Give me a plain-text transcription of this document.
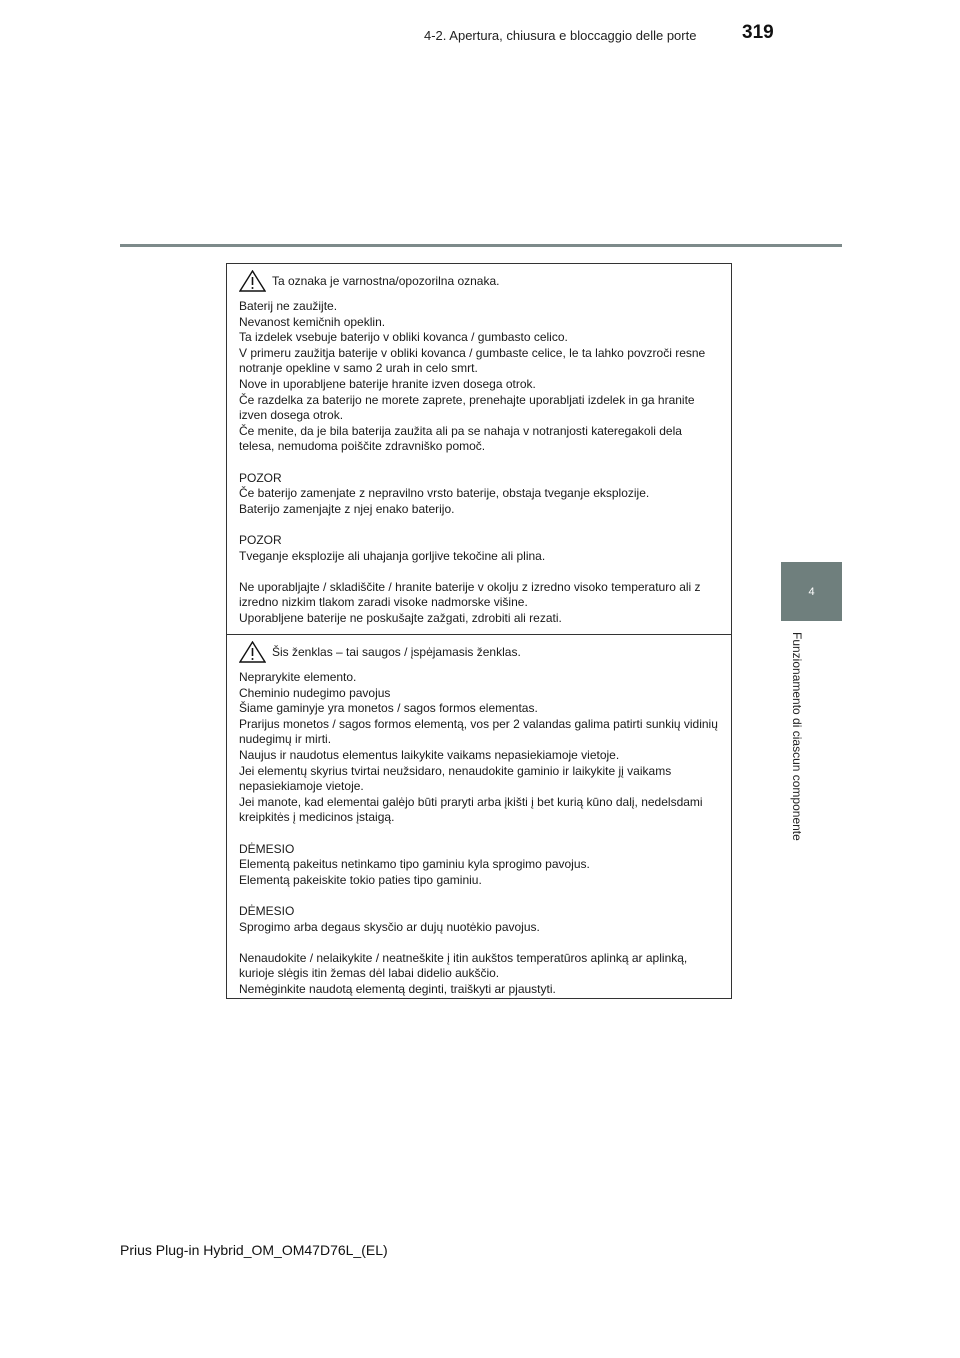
4-2. Apertura, chiusura e bloccaggio delle porte	319
4
Funzionamento di ciascun componente
Ta oznaka je varnostna/opozorilna oznaka.

Baterij ne zaužijte.
Nevanost kemičnih opeklin.
Ta izdelek vsebuje baterijo v obliki kovanca / gumbasto celico.
V primeru zaužitja baterije v obliki kovanca / gumbaste celice, le ta lahko povzroči resne notranje opekline v samo 2 urah in celo smrt.
Nove in uporabljene baterije hranite izven dosega otrok.
Če razdelka za baterijo ne morete zaprete, prenehajte uporabljati izdelek in ga hranite izven dosega otrok.
Če menite, da je bila baterija zaužita ali pa se nahaja v notranjosti kateregakoli dela telesa, nemudoma poiščite zdravniško pomoč.

POZOR
Če baterijo zamenjate z nepravilno vrsto baterije, obstaja tveganje eksplozije.
Baterijo zamenjajte z njej enako baterijo.

POZOR
Tveganje eksplozije ali uhajanja gorljive tekočine ali plina.

Ne uporabljajte / skladiščite / hranite baterije v okolju z izredno visoko temperaturo ali z izredno nizkim tlakom zaradi visoke nadmorske višine.
Uporabljene baterije ne poskušajte zažgati, zdrobiti ali rezati.

Šis ženklas – tai saugos / įspėjamasis ženklas.

Neprarykite elemento.
Cheminio nudegimo pavojus
Šiame gaminyje yra monetos / sagos formos elementas.
Prarijus monetos / sagos formos elementą, vos per 2 valandas galima patirti sunkių vidinių nudegimų ir mirti.
Naujus ir naudotus elementus laikykite vaikams nepasiekiamoje vietoje.
Jei elementų skyrius tvirtai neužsidaro, nenaudokite gaminio ir laikykite jį vaikams nepasiekiamoje vietoje.
Jei manote, kad elementai galėjo būti praryti arba įkišti į bet kurią kūno dalį, nedelsdami kreipkitės į medicinos įstaigą.

DĖMESIO
Elementą pakeitus netinkamo tipo gaminiu kyla sprogimo pavojus.
Elementą pakeiskite tokio paties tipo gaminiu.

DĖMESIO
Sprogimo arba degaus skysčio ar dujų nuotėkio pavojus.

Nenaudokite / nelaikykite / neatneškite į itin aukštos temperatūros aplinką ar aplinką, kurioje slėgis itin žemas dėl labai didelio aukščio.
Nemėginkite naudotą elementą deginti, traiškyti ar pjaustyti.

Prius Plug-in Hybrid_OM_OM47D76L_(EL)
